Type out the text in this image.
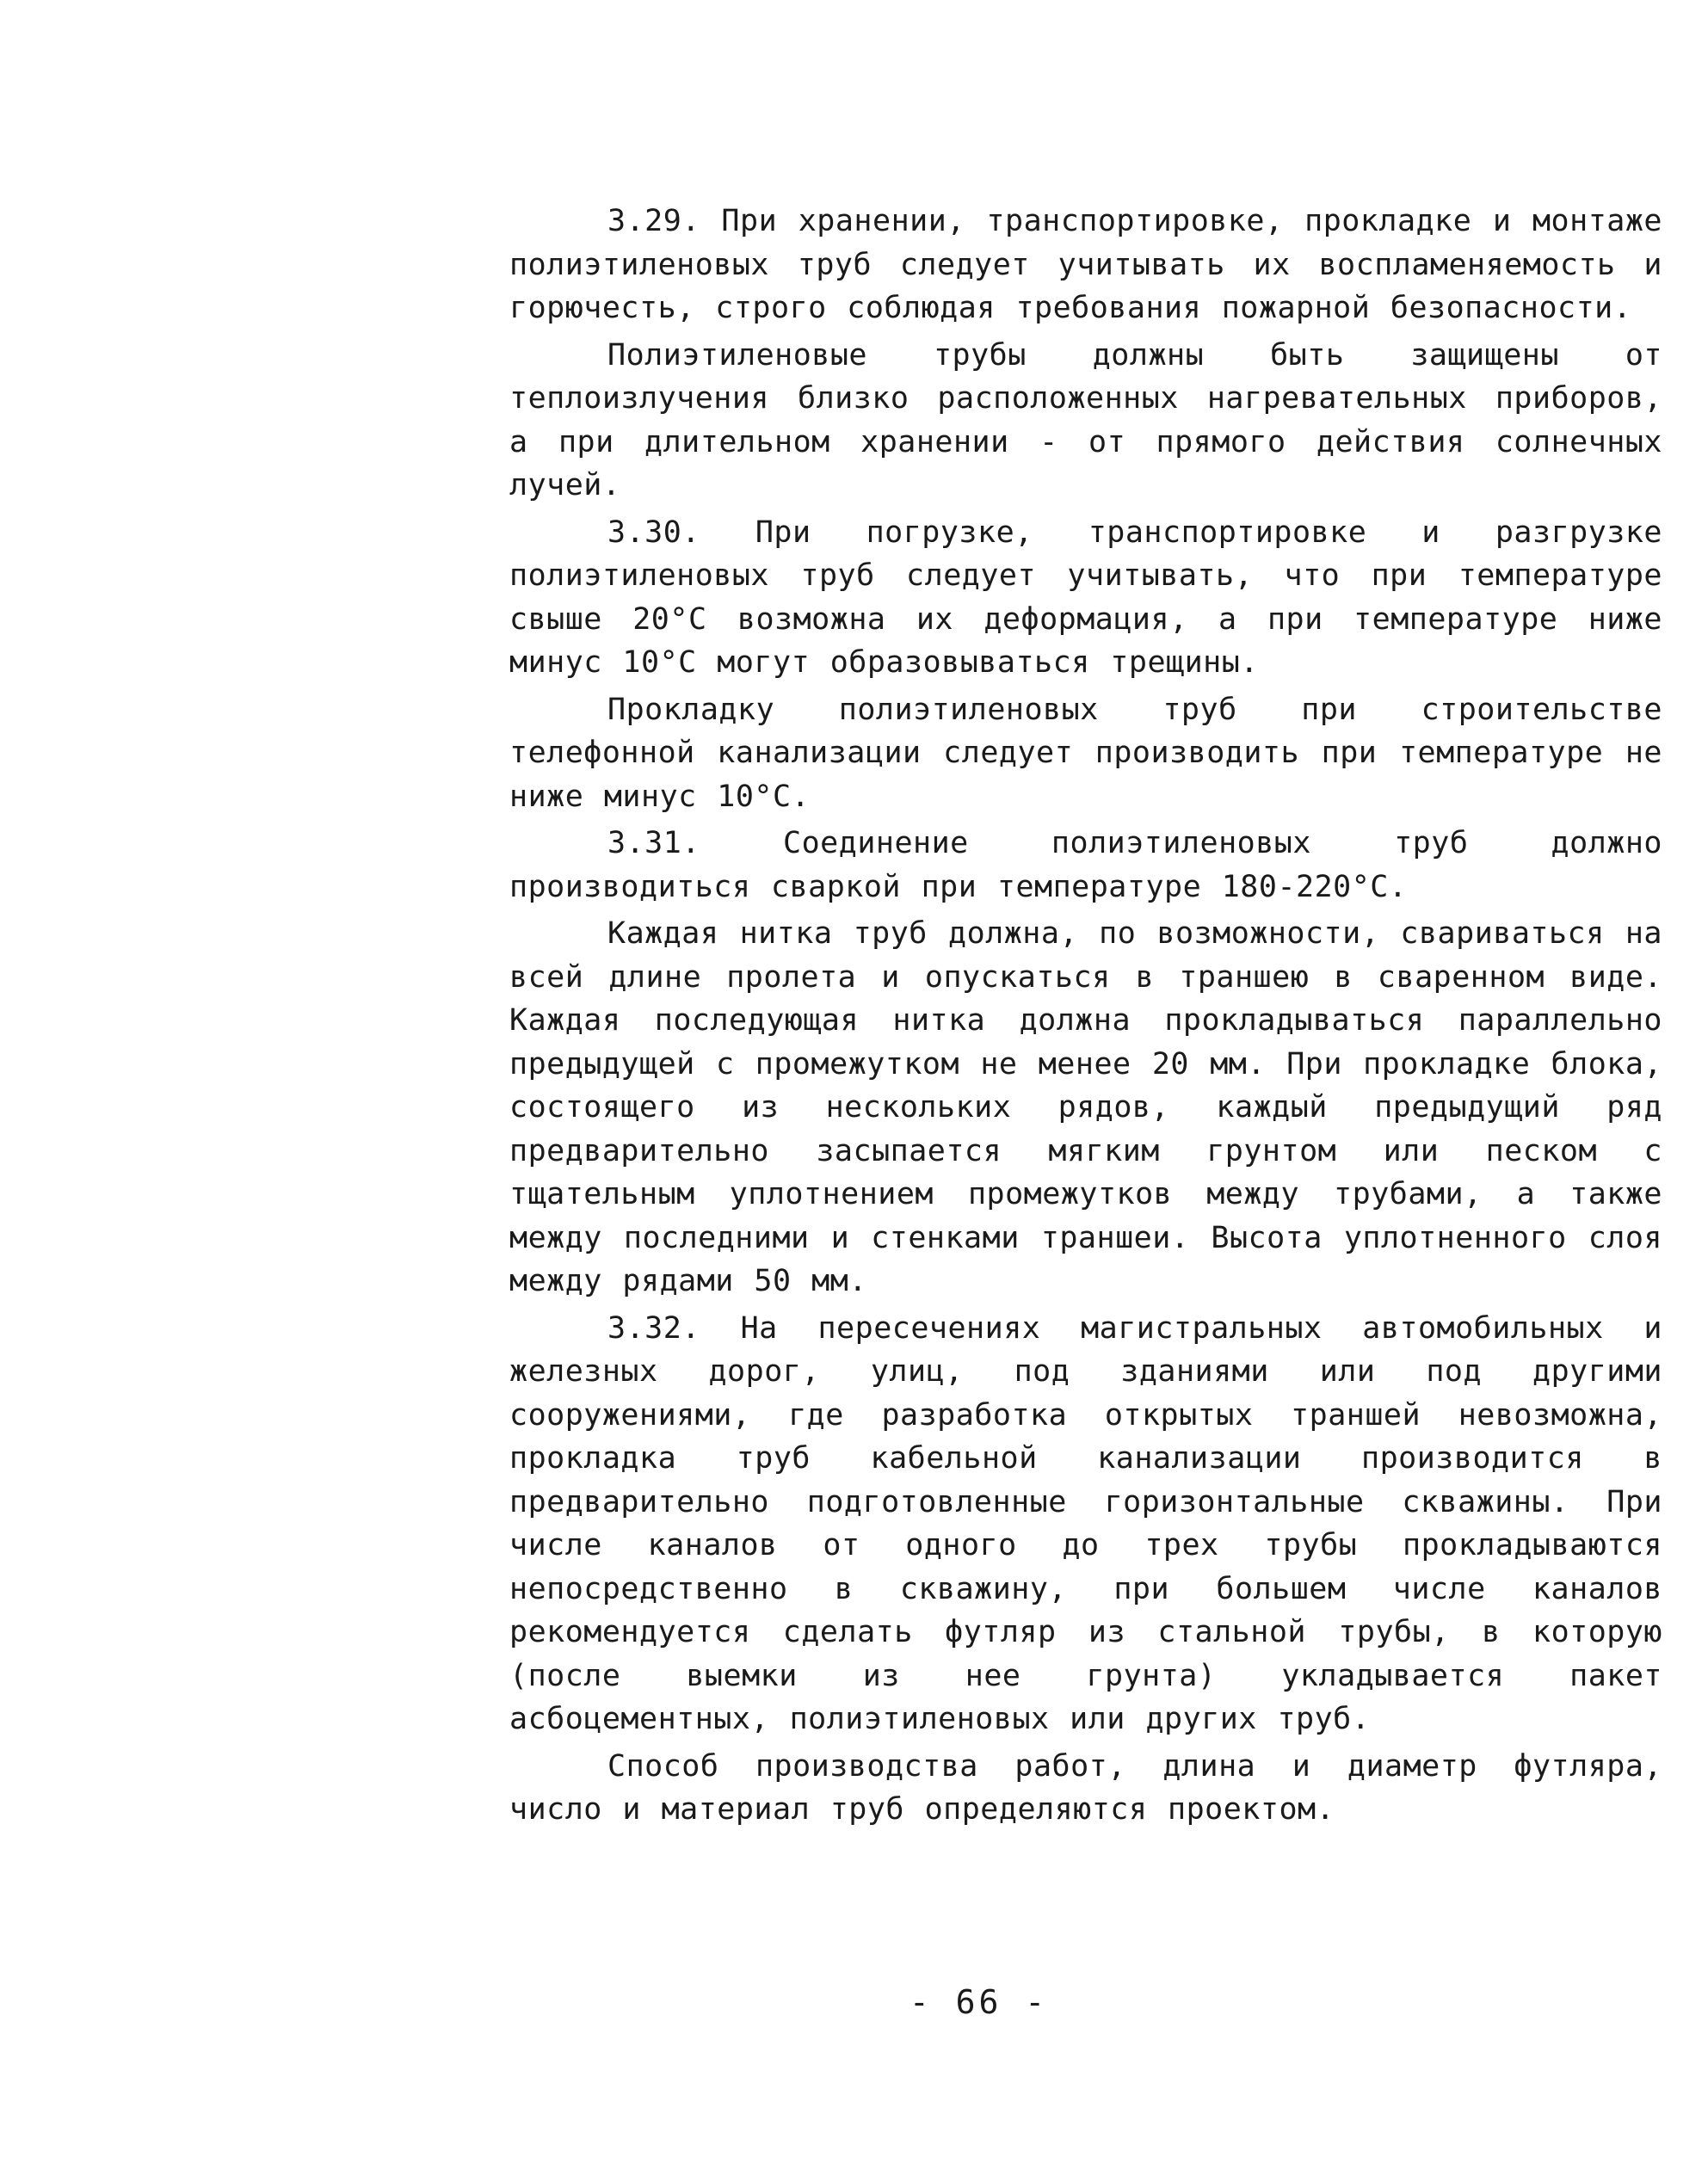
3.29. При хранении, транспортировке, прокладке и монтаже полиэтиленовых труб следует учитывать их воспламеняемость и горючесть, строго соблюдая требования пожарной безопасности.

Полиэтиленовые трубы должны быть защищены от теплоизлучения близко расположенных нагревательных приборов, а при длительном хранении - от прямого действия солнечных лучей.

3.30. При погрузке, транспортировке и разгрузке полиэтиленовых труб следует учитывать, что при температуре свыше 20°С возможна их деформация, а при температуре ниже минус 10°С могут образовываться трещины.

Прокладку полиэтиленовых труб при строительстве телефонной канализации следует производить при температуре не ниже минус 10°С.

3.31. Соединение полиэтиленовых труб должно производиться сваркой при температуре 180-220°С.

Каждая нитка труб должна, по возможности, свариваться на всей длине пролета и опускаться в траншею в сваренном виде. Каждая последующая нитка должна прокладываться параллельно предыдущей с промежутком не менее 20 мм. При прокладке блока, состоящего из нескольких рядов, каждый предыдущий ряд предварительно засыпается мягким грунтом или песком с тщательным уплотнением промежутков между трубами, а также между последними и стенками траншеи. Высота уплотненного слоя между рядами 50 мм.

3.32. На пересечениях магистральных автомобильных и железных дорог, улиц, под зданиями или под другими сооружениями, где разработка открытых траншей невозможна, прокладка труб кабельной канализации производится в предварительно подготовленные горизонтальные скважины. При числе каналов от одного до трех трубы прокладываются непосредственно в скважину, при большем числе каналов рекомендуется сделать футляр из стальной трубы, в которую (после выемки из нее грунта) укладывается пакет асбоцементных, полиэтиленовых или других труб.

Способ производства работ, длина и диаметр футляра, число и материал труб определяются проектом.

- 66 -
